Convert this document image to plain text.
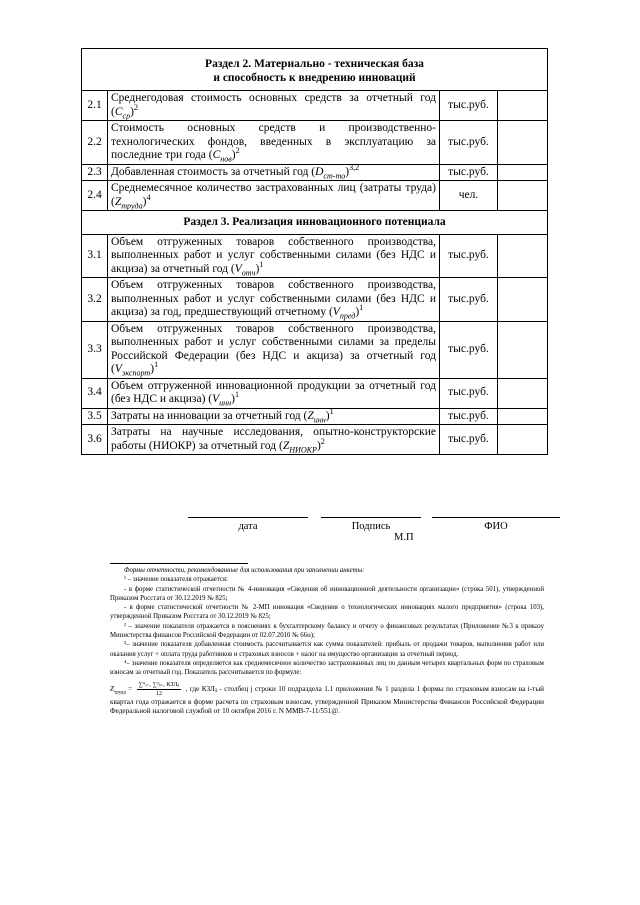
Раздел 2. Материально - техническая база
и способность к внедрению инноваций			
2.1	Среднегодовая стоимость основных средств за отчетный год $(C_{ср})^2$	тыс.руб.	
2.2	Стоимость основных средств и производственно-технологических фондов, введенных в эксплуатацию за последние три года $(C_{нов})^2$	тыс.руб.	
2.3	Добавленная стоимость за отчетный год $(D_{ст-то})^{3,2}$	тыс.руб.	
2.4	Среднемесячное количество застрахованных лиц (затраты труда) $(Z_{труда})^4$	чел.	
Раздел 3. Реализация инновационного потенциала			
3.1	Объем отгруженных товаров собственного производства, выполненных работ и услуг собственными силами (без НДС и акциза) за отчетный год $(V_{отч})^1$	тыс.руб.	
3.2	Объем отгруженных товаров собственного производства, выполненных работ и услуг собственными силами (без НДС и акциза) за год, предшествующий отчетному $(V_{пред})^1$	тыс.руб.	
3.3	Объем отгруженных товаров собственного производства, выполненных работ и услуг собственными силами за пределы Российской Федерации (без НДС и акциза) за отчетный год $(V_{экспорт})^1$	тыс.руб.	
3.4	Объем отгруженной инновационной продукции за отчетный год (без НДС и акциза) $(V_{инн})^1$	тыс.руб.	
3.5	Затраты на инновации за отчетный год $(Z_{инн})^1$	тыс.руб.	
3.6	Затраты на научные исследования, опытно-конструкторские работы (НИОКР) за отчетный год $(Z_{НИОКР})^2$	тыс.руб.	
дата	Подпись	ФИО
М.П

Формы отчетности, рекомендованные для использования при заполнении анкеты:

¹ – значение показателя отражается:

- в форме статистической отчетности № 4-инновация «Сведения об инновационной деятельности организации» (строка 501), утвержденной Приказом Росстата от 30.12.2019 № 825;

- в форме статистической отчетности № 2-МП инновация «Сведения о технологических инновациях малого предприятия» (строка 103), утвержденной Приказом Росстата от 30.12.2019 № 825;

² – значение показателя отражается в пояснениях к бухгалтерскому балансу и отчету о финансовых результатах (Приложение №3 к приказу Министерства финансов Российской Федерации от 02.07.2010 № 66н);

³– значение показателя добавленная стоимость рассчитывается как сумма показателей: прибыль от продажи товаров, выполнения работ или оказания услуг + оплата труда работников и страховых взносов + налог на имущество организации за отчетный период.

⁴– значение показателя определяется как среднемесячное количество застрахованных лиц по данным четырех квартальных форм по страховым взносам за отчетный год. Показатель рассчитывается по формуле:

$Z_{труда} = \frac{\text{∑⁴ᵢ₌₁ ∑³ⱼ₌₁ КЗЛᵢⱼ}}{12}$ , где КЗЛᵢⱼ - столбец j строки 10 подраздела 1.1 приложения № 1 раздела 1 формы по страховым взносам на i-тый квартал года отражается в форме расчета по страховым взносам, утвержденной Приказом Министерства Финансов Российской Федерации Федеральной налоговой службой от 10 октября 2016 г. N ММВ-7-11/551@.
